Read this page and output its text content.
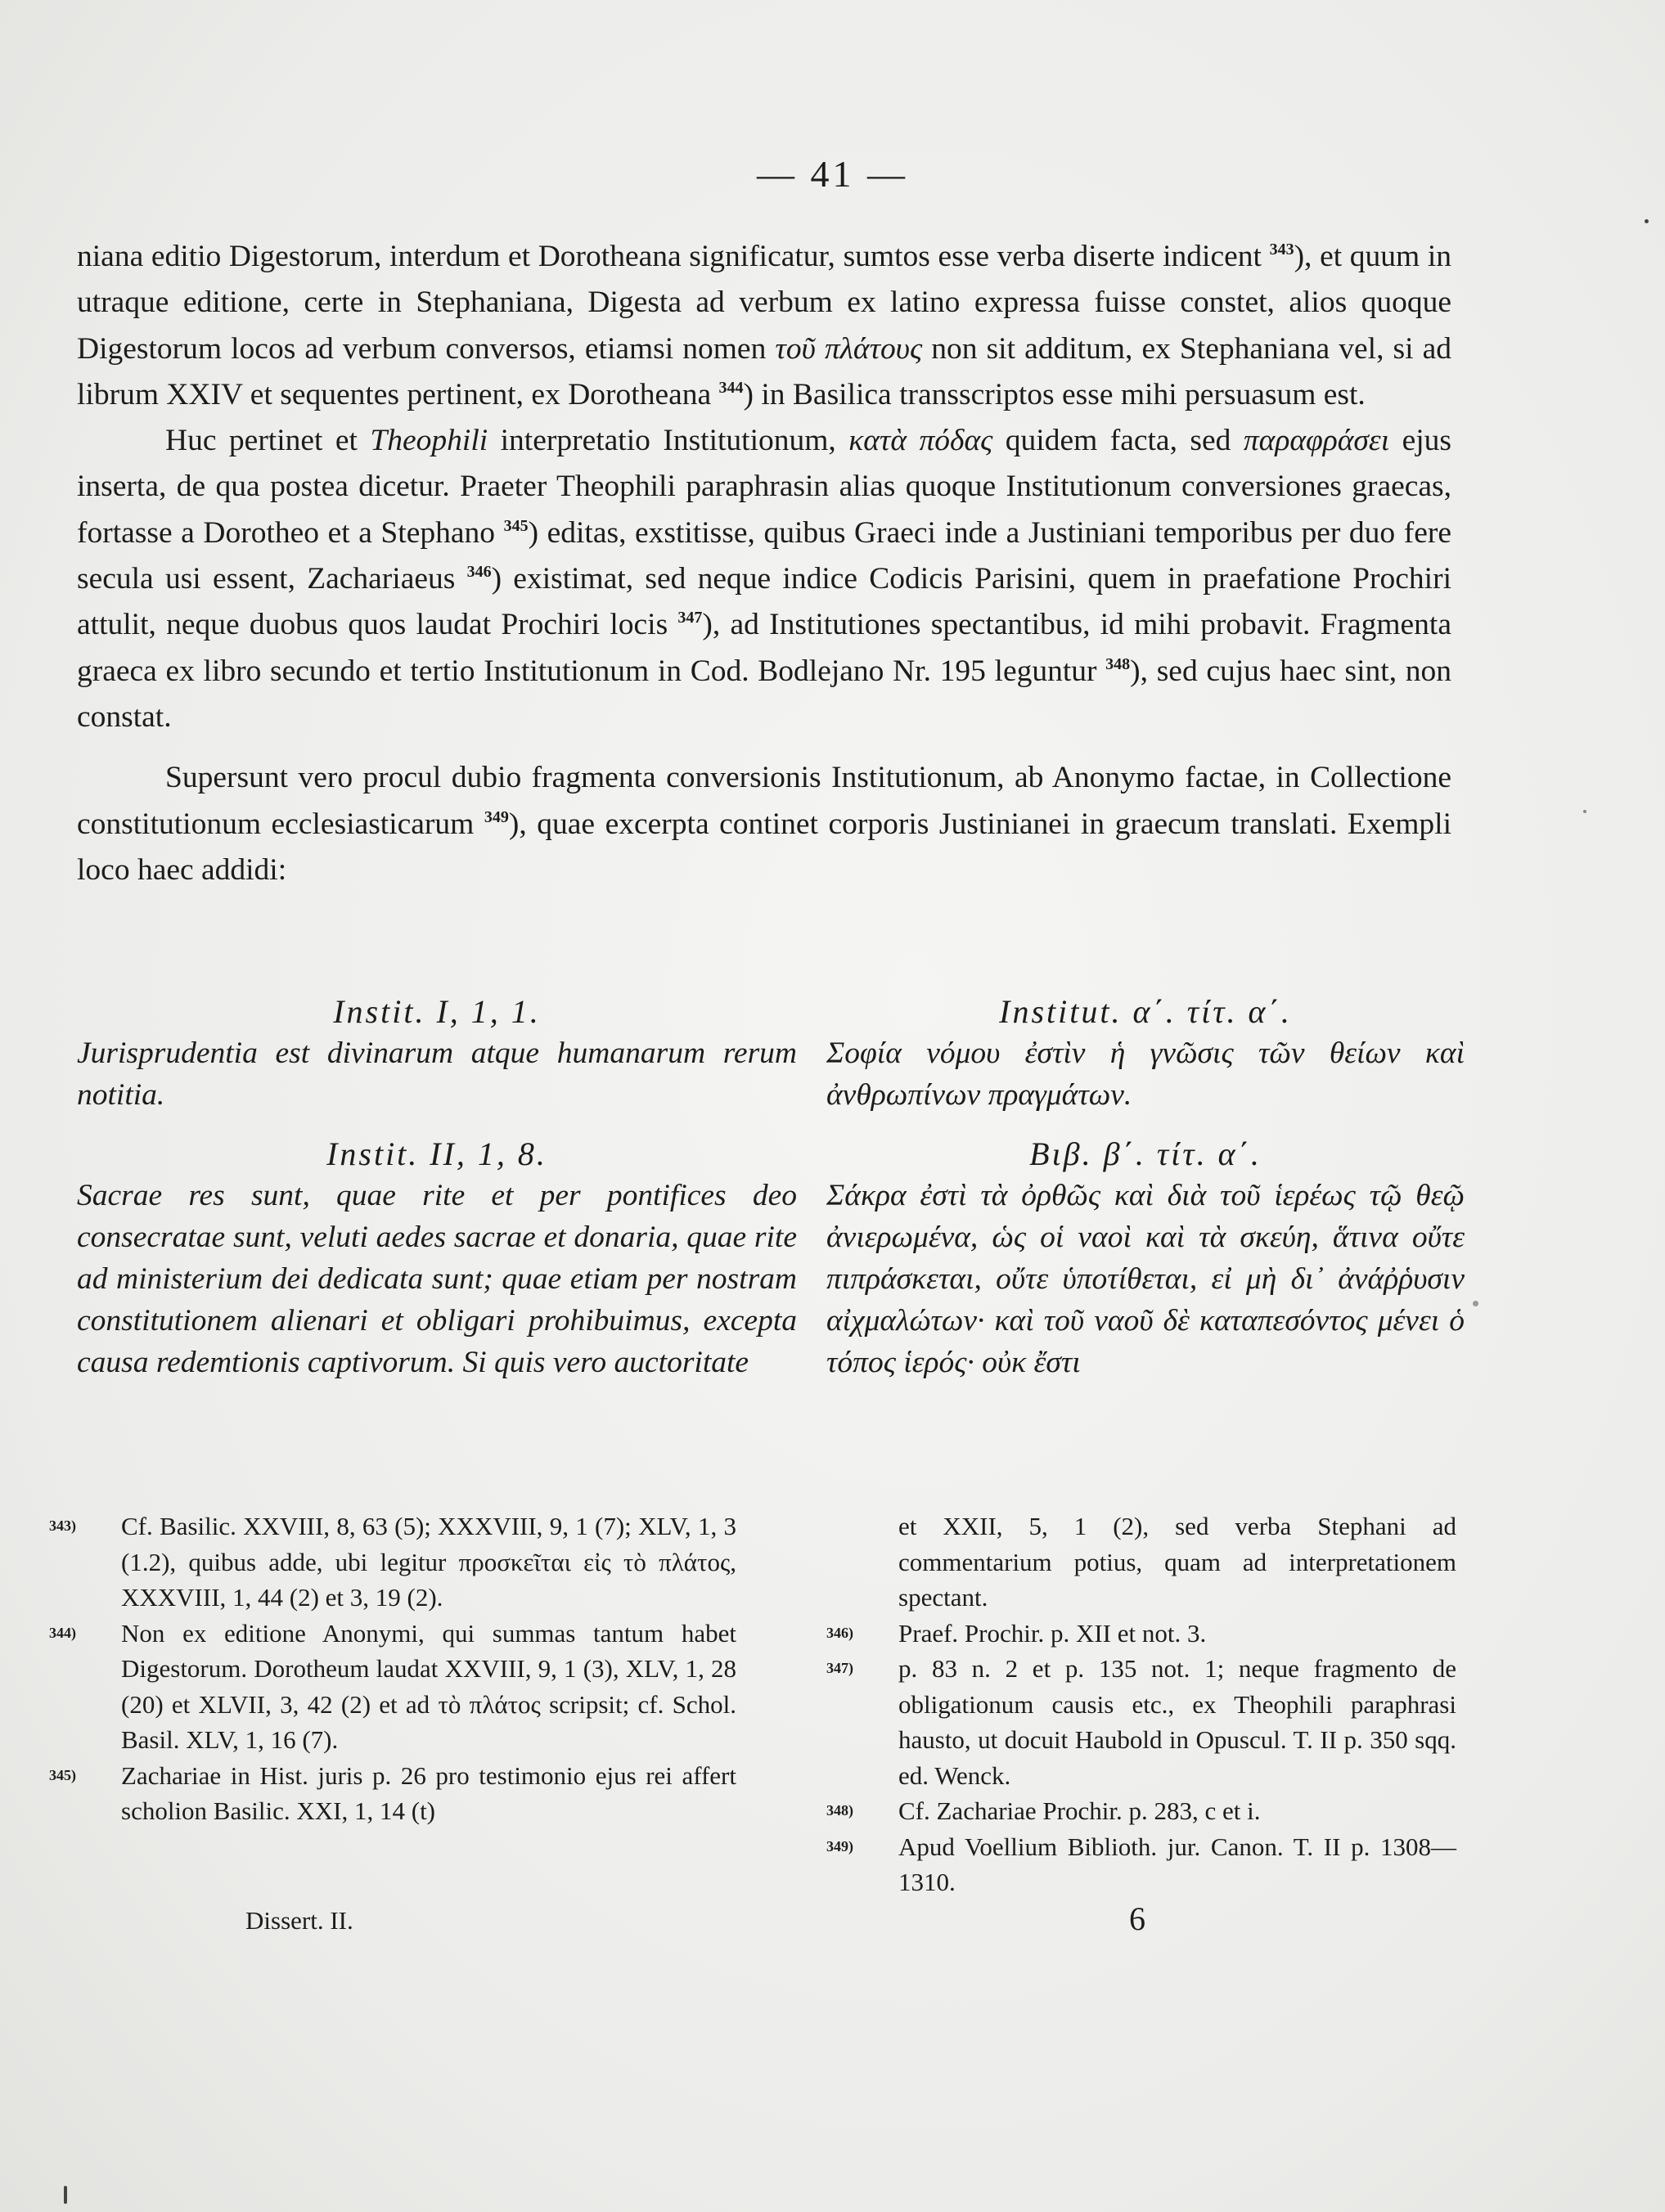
— 41 —

niana editio Digestorum, interdum et Dorotheana significatur, sumtos esse verba diserte indicent $^{343}$), et quum in utraque editione, certe in Stephaniana, Digesta ad verbum ex latino expressa fuisse constet, alios quoque Digestorum locos ad verbum conversos, etiamsi nomen τοῦ πλάτους non sit additum, ex Stephaniana vel, si ad librum XXIV et sequentes pertinent, ex Dorotheana $^{344}$) in Basilica transscriptos esse mihi persuasum est.

Huc pertinet et Theophili interpretatio Institutionum, κατὰ πόδας quidem facta, sed παραφράσει ejus inserta, de qua postea dicetur. Praeter Theophili paraphrasin alias quoque Institutionum conversiones graecas, fortasse a Dorotheo et a Stephano $^{345}$) editas, exstitisse, quibus Graeci inde a Justiniani temporibus per duo fere secula usi essent, Zachariaeus $^{346}$) existimat, sed neque indice Codicis Parisini, quem in praefatione Prochiri attulit, neque duobus quos laudat Prochiri locis $^{347}$), ad Institutiones spectantibus, id mihi probavit. Fragmenta graeca ex libro secundo et tertio Institutionum in Cod. Bodlejano Nr. 195 leguntur $^{348}$), sed cujus haec sint, non constat.

Supersunt vero procul dubio fragmenta conversionis Institutionum, ab Anonymo factae, in Collectione constitutionum ecclesiasticarum $^{349}$), quae excerpta continet corporis Justinianei in graecum translati. Exempli loco haec addidi:

Instit. I, 1, 1.
Jurisprudentia est divinarum atque humanarum rerum notitia.
Instit. II, 1, 8.
Sacrae res sunt, quae rite et per pontifices deo consecratae sunt, veluti aedes sacrae et donaria, quae rite ad ministerium dei dedicata sunt; quae etiam per nostram constitutionem alienari et obligari prohibuimus, excepta causa redemtionis captivorum. Si quis vero auctoritate
Institut. α΄. τίτ. α΄.
Σοφία νόμου ἐστὶν ἡ γνῶσις τῶν θείων καὶ ἀνθρωπίνων πραγμάτων.
Βιβ. β΄. τίτ. α΄.
Σάκρα ἐστὶ τὰ ὀρθῶς καὶ διὰ τοῦ ἱερέως τῷ θεῷ ἀνιερωμένα, ὡς οἱ ναοὶ καὶ τὰ σκεύη, ἅτινα οὔτε πιπράσκεται, οὔτε ὑποτίθεται, εἰ μὴ δι᾽ ἀνάῤῥυσιν αἰχμαλώτων· καὶ τοῦ ναοῦ δὲ καταπεσόντος μένει ὁ τόπος ἱερός· οὐκ ἔστι
343) Cf. Basilic. XXVIII, 8, 63 (5); XXXVIII, 9, 1 (7); XLV, 1, 3 (1.2), quibus adde, ubi legitur προσκεῖται εἰς τὸ πλάτος, XXXVIII, 1, 44 (2) et 3, 19 (2).
344) Non ex editione Anonymi, qui summas tantum habet Digestorum. Dorotheum laudat XXVIII, 9, 1 (3), XLV, 1, 28 (20) et XLVII, 3, 42 (2) et ad τὸ πλάτος scripsit; cf. Schol. Basil. XLV, 1, 16 (7).
345) Zachariae in Hist. juris p. 26 pro testimonio ejus rei affert scholion Basilic. XXI, 1, 14 (t)
et XXII, 5, 1 (2), sed verba Stephani ad commentarium potius, quam ad interpretationem spectant.
346) Praef. Prochir. p. XII et not. 3.
347) p. 83 n. 2 et p. 135 not. 1; neque fragmento de obligationum causis etc., ex Theophili paraphrasi hausto, ut docuit Haubold in Opuscul. T. II p. 350 sqq. ed. Wenck.
348) Cf. Zachariae Prochir. p. 283, c et i.
349) Apud Voellium Biblioth. jur. Canon. T. II p. 1308—1310.
Dissert. II.	6
